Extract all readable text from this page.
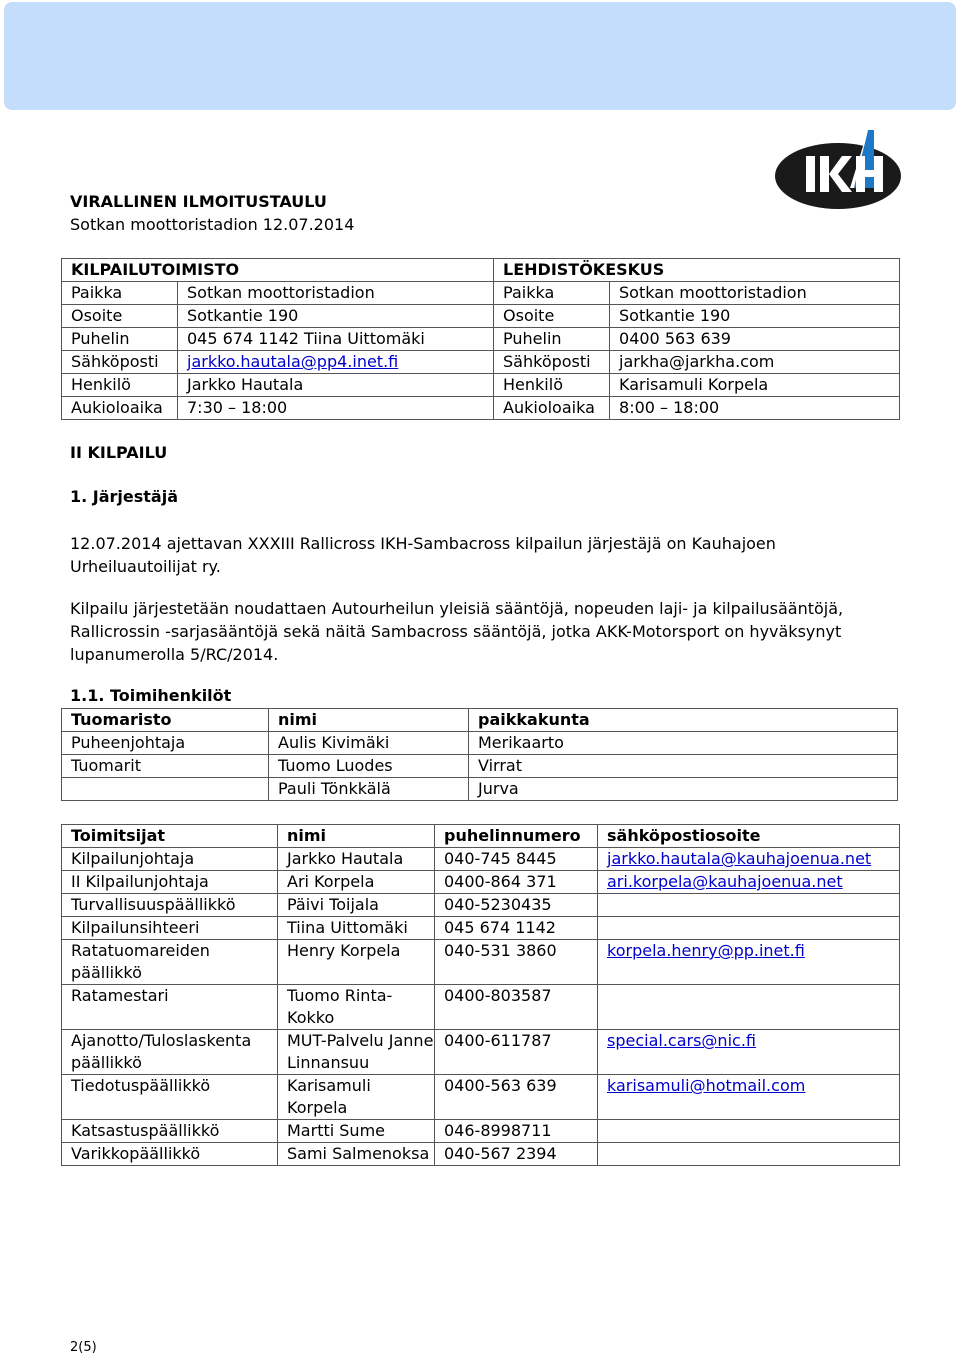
VIRALLINEN ILMOITUSTAULU
Sotkan moottoristadion 12.07.2014
KILPAILUTOIMISTO		LEHDISTÖKESKUS	
Paikka	Sotkan moottoristadion	Paikka	Sotkan moottoristadion
Osoite	Sotkantie 190	Osoite	Sotkantie 190
Puhelin	045 674 1142 Tiina Uittomäki	Puhelin	0400 563 639
Sähköposti	jarkko.hautala@pp4.inet.fi	Sähköposti	jarkha@jarkha.com
Henkilö	Jarkko Hautala	Henkilö	Karisamuli Korpela
Aukioloaika	7:30 – 18:00	Aukioloaika	8:00 – 18:00
II KILPAILU
1. Järjestäjä

12.07.2014 ajettavan XXXIII Rallicross IKH-Sambacross kilpailun järjestäjä on Kauhajoen Urheiluautoilijat ry.

Kilpailu järjestetään noudattaen Autourheilun yleisiä sääntöjä, nopeuden laji- ja kilpailusääntöjä, Rallicrossin -sarjasääntöjä sekä näitä Sambacross sääntöjä, jotka AKK-Motorsport on hyväksynyt lupanumerolla 5/RC/2014.

1.1. Toimihenkilöt
Tuomaristo	nimi	paikkakunta
Puheenjohtaja	Aulis Kivimäki	Merikaarto
Tuomarit	Tuomo Luodes	Virrat
	Pauli Tönkkälä	Jurva
Toimitsijat	nimi	puhelinnumero	sähköpostiosoite
Kilpailunjohtaja	Jarkko Hautala	040-745 8445	jarkko.hautala@kauhajoenua.net
II Kilpailunjohtaja	Ari Korpela	0400-864 371	ari.korpela@kauhajoenua.net
Turvallisuuspäällikkö	Päivi Toijala	040-5230435	
Kilpailunsihteeri	Tiina Uittomäki	045 674 1142	
Ratatuomareiden päällikkö	Henry Korpela	040-531 3860	korpela.henry@pp.inet.fi
Ratamestari	Tuomo Rinta-Kokko	0400-803587	
Ajanotto/Tuloslaskenta päällikkö	MUT-Palvelu Janne Linnansuu	0400-611787	special.cars@nic.fi
Tiedotuspäällikkö	Karisamuli Korpela	0400-563 639	karisamuli@hotmail.com
Katsastuspäällikkö	Martti Sume	046-8998711	
Varikkopäällikkö	Sami Salmenoksa	040-567 2394	
2(5)
